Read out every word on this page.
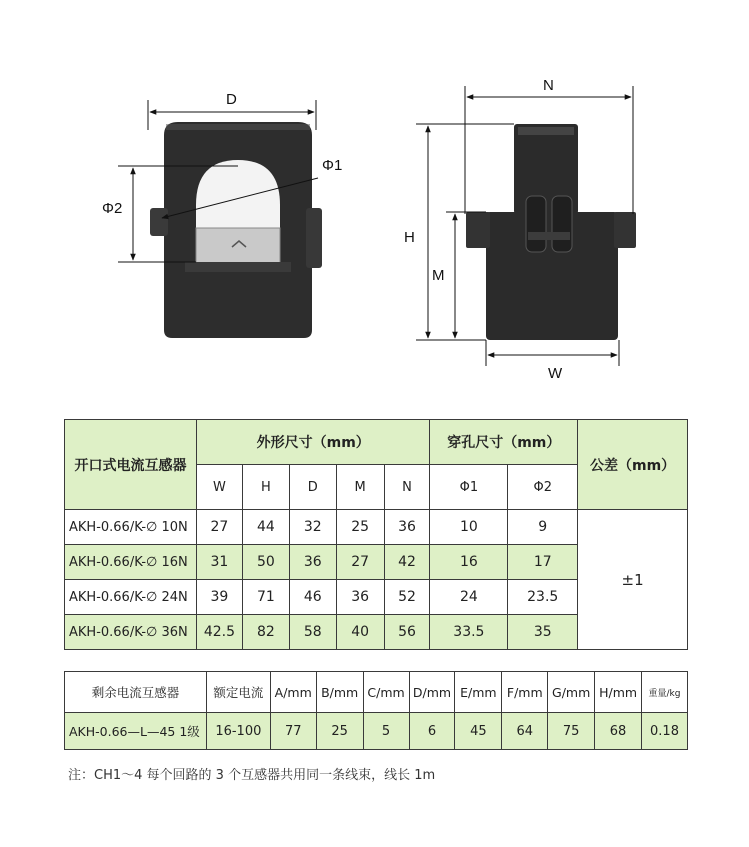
D
Φ2
Φ1
N
H
M
W
开口式电流互感器	外形尺寸（mm）					穿孔尺寸（mm）		公差（mm）
	W	H	D	M	N	Φ1	Φ2	
AKH-0.66/K-∅ 10N	27	44	32	25	36	10	9	±1
AKH-0.66/K-∅ 16N	31	50	36	27	42	16	17	
AKH-0.66/K-∅ 24N	39	71	46	36	52	24	23.5	
AKH-0.66/K-∅ 36N	42.5	82	58	40	56	33.5	35	
剩余电流互感器	额定电流	A/mm	B/mm	C/mm	D/mm	E/mm	F/mm	G/mm	H/mm	重量/kg
AKH-0.66—L—45 1级	16-100	77	25	5	6	45	64	75	68	0.18
注：CH1～4 每个回路的 3 个互感器共用同一条线束，线长 1m
